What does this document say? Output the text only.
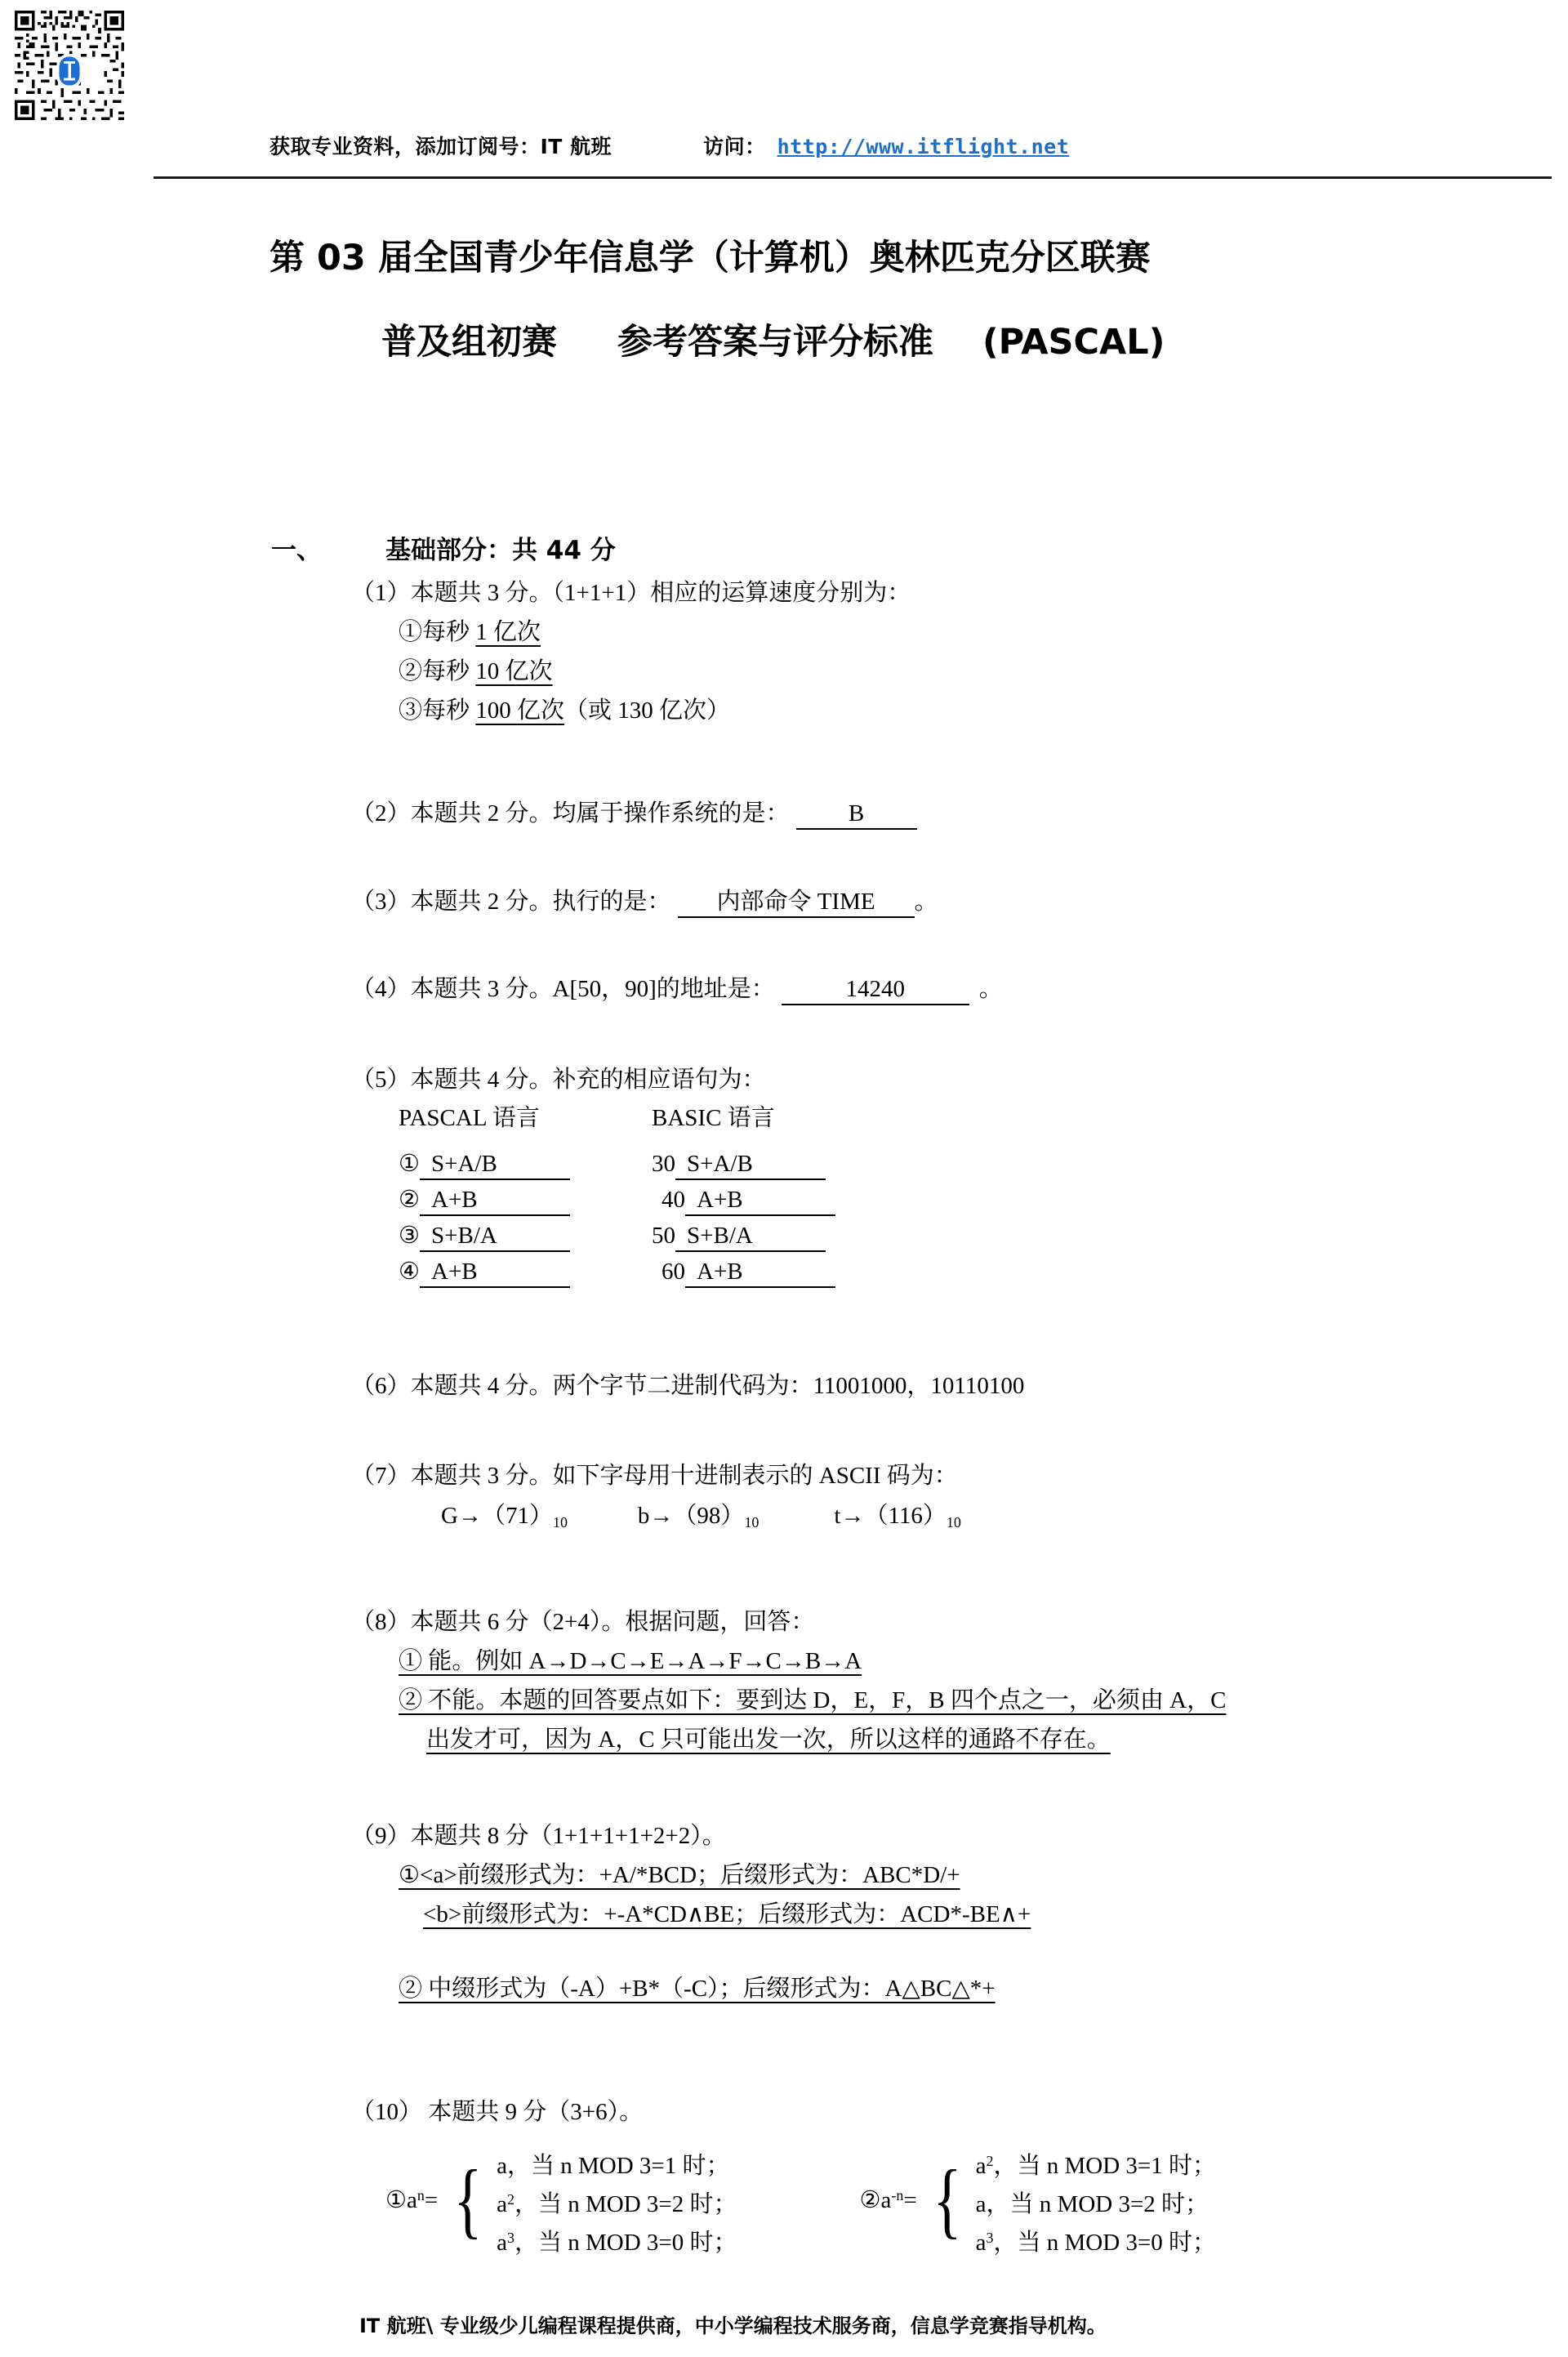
获取专业资料，添加订阅号：IT 航班	访问： http://www.itflight.net
第 03 届全国青少年信息学（计算机）奥林匹克分区联赛
普及组初赛 参考答案与评分标准 (PASCAL)
一、	基础部分：共 44 分
（1）本题共 3 分。（1+1+1）相应的运算速度分别为：
①每秒 1 亿次
②每秒 10 亿次
③每秒 100 亿次（或 130 亿次）
（2）本题共 2 分。均属于操作系统的是： B
（3）本题共 2 分。执行的是： 内部命令 TIME 。
（4）本题共 3 分。A[50，90]的地址是：	14240	。
（5）本题共 4 分。补充的相应语句为：
PASCAL 语言	BASIC 语言
① S+A/B	30 S+A/B
② A+B	40 A+B
③ S+B/A	50 S+B/A
④ A+B	60 A+B
（6）本题共 4 分。两个字节二进制代码为：11001000，10110100
（7）本题共 3 分。如下字母用十进制表示的 ASCII 码为：
$G\to(71)_{10}$	$b\to(98)_{10}$	$t\to(116)_{10}$
（8）本题共 6 分（2+4）。根据问题，回答：
① 能。例如 A→D→C→E→A→F→C→B→A
② 不能。本题的回答要点如下：要到达 D，E，F，B 四个点之一，必须由 A，C
出发才可，因为 A，C 只可能出发一次，所以这样的通路不存在。
（9）本题共 8 分（1+1+1+1+2+2）。
①<a>前缀形式为：+A/*BCD；后缀形式为：ABC*D/+
<b>前缀形式为：+-A*CD∧BE；后缀形式为：ACD*-BE∧+
② 中缀形式为（-A）+B*（-C）；后缀形式为：A△BC△*+
（10） 本题共 9 分（3+6）。
$①a^n=$ { a，当 n MOD 3=1 时；
$a^2$，当 n MOD 3=2 时；
$a^3$，当 n MOD 3=0 时；
$②a^{-n}=$ { $a^2$，当 n MOD 3=1 时；
a，当 n MOD 3=2 时；
$a^3$，当 n MOD 3=0 时；
IT 航班\ 专业级少儿编程课程提供商，中小学编程技术服务商，信息学竞赛指导机构。
